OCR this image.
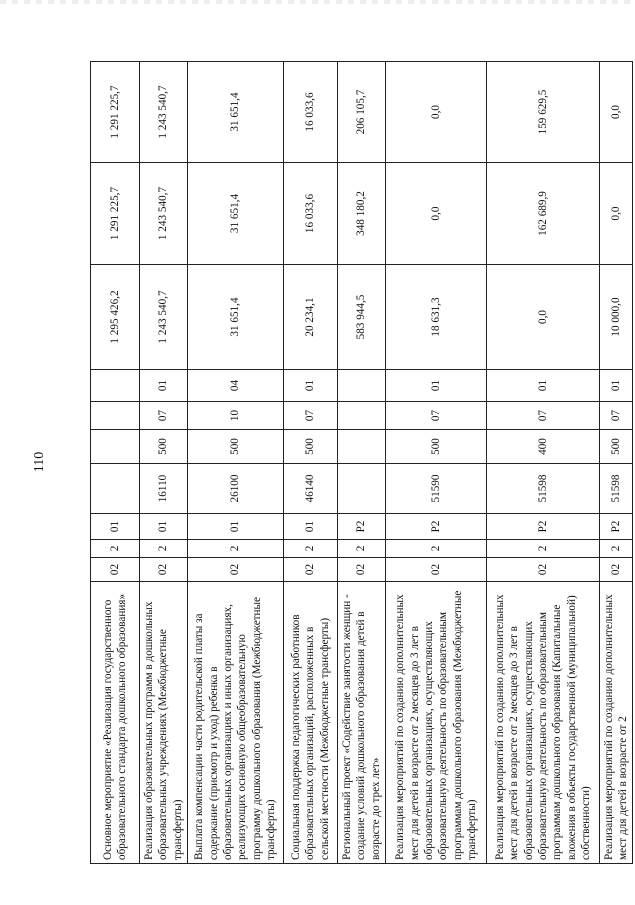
110
Основное мероприятие «Реализация государственного образовательного стандарта дошкольного образования»	02	2	01					1 295 426,2	1 291 225,7	1 291 225,7
Реализация образовательных программ в дошкольных образовательных учреждениях (Межбюджетные трансферты)	02	2	01	16110	500	07	01	1 243 540,7	1 243 540,7	1 243 540,7
Выплата компенсации части родительской платы за содержание (присмотр и уход) ребенка в образовательных организациях и иных организациях, реализующих основную общеобразовательную программу дошкольного образования (Межбюджетные трансферты)	02	2	01	26100	500	10	04	31 651,4	31 651,4	31 651,4
Социальная поддержка педагогических работников образовательных организаций, расположенных в сельской местности (Межбюджетные трансферты)	02	2	01	46140	500	07	01	20 234,1	16 033,6	16 033,6
Региональный проект «Содействие занятости женщин - создание условий дошкольного образования детей в возрасте до трех лет»	02	2	P2					583 944,5	348 180,2	206 105,7
Реализация мероприятий по созданию дополнительных мест для детей в возрасте от 2 месяцев до 3 лет в образовательных организациях, осуществляющих образовательную деятельность по образовательным программам дошкольного образования (Межбюджетные трансферты)	02	2	P2	51590	500	07	01	18 631,3	0,0	0,0
Реализация мероприятий по созданию дополнительных мест для детей в возрасте от 2 месяцев до 3 лет в образовательных организациях, осуществляющих образовательную деятельность по образовательным программам дошкольного образования (Капитальные вложения в объекты государственной (муниципальной) собственности)	02	2	P2	51598	400	07	01	0,0	162 689,9	159 629,5
Реализация мероприятий по созданию дополнительных мест для детей в возрасте от 2	02	2	P2	51598	500	07	01	10 000,0	0,0	0,0
